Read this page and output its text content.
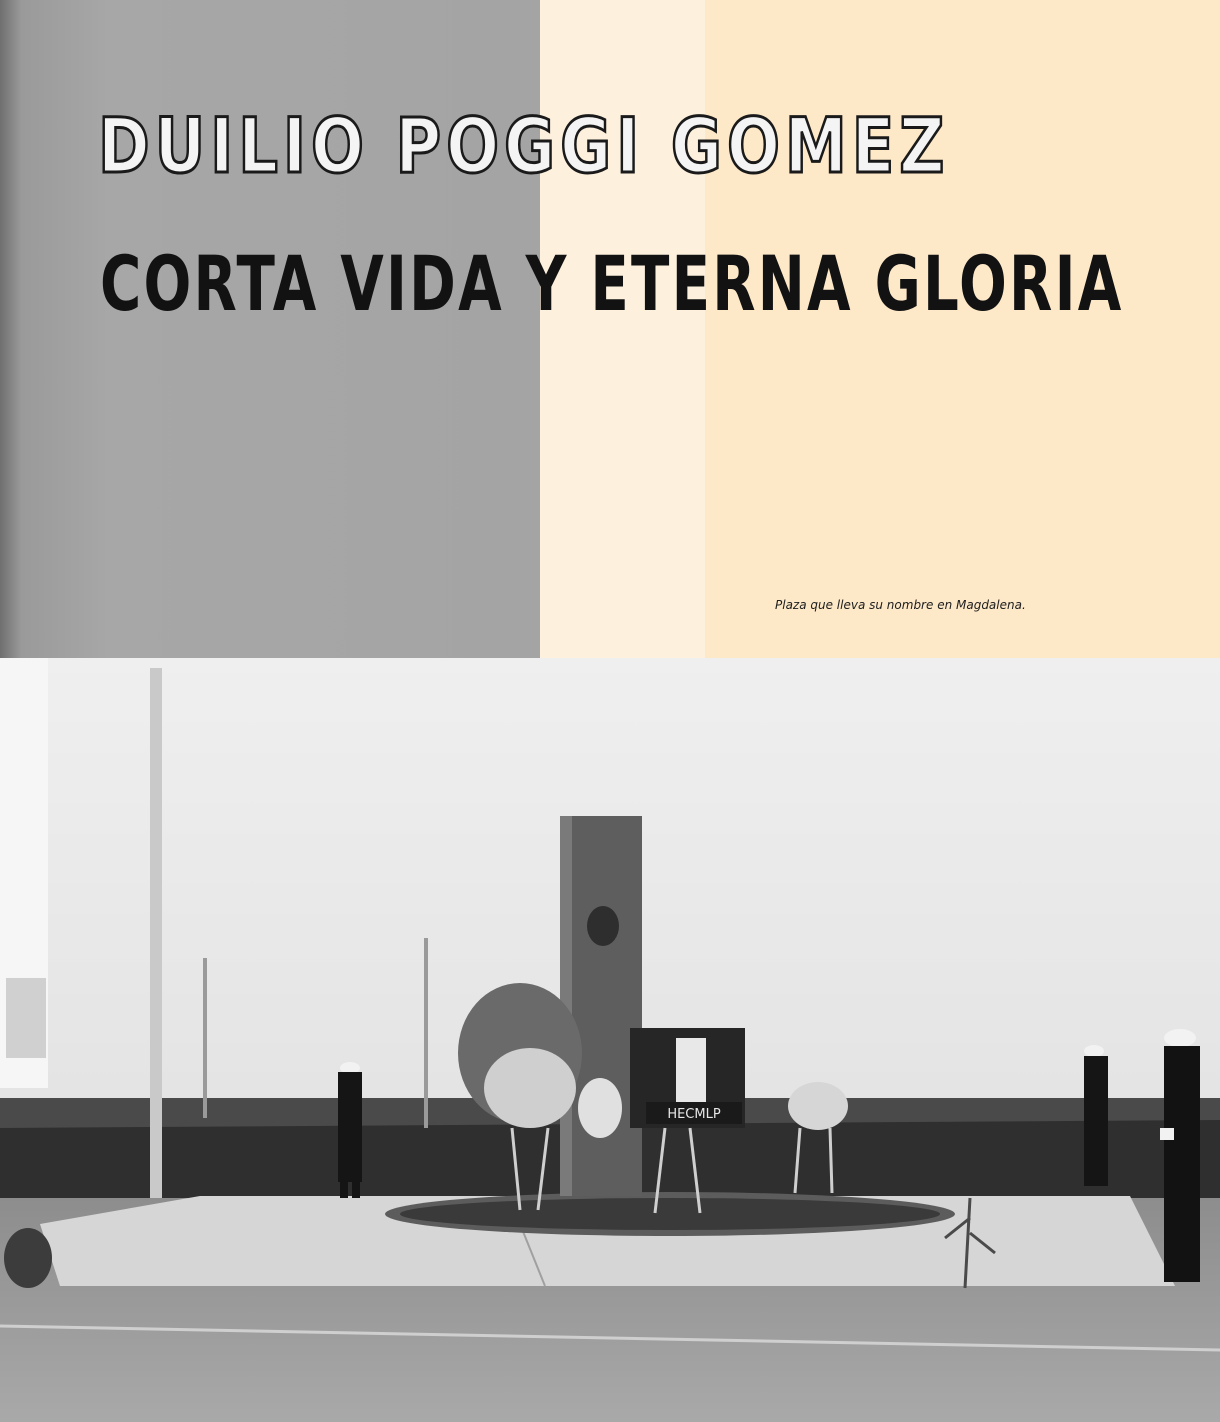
DUILIO POGGI GOMEZ
CORTA VIDA Y ETERNA GLORIA

Plaza que lleva su nombre en Magdalena.

HECMLP
